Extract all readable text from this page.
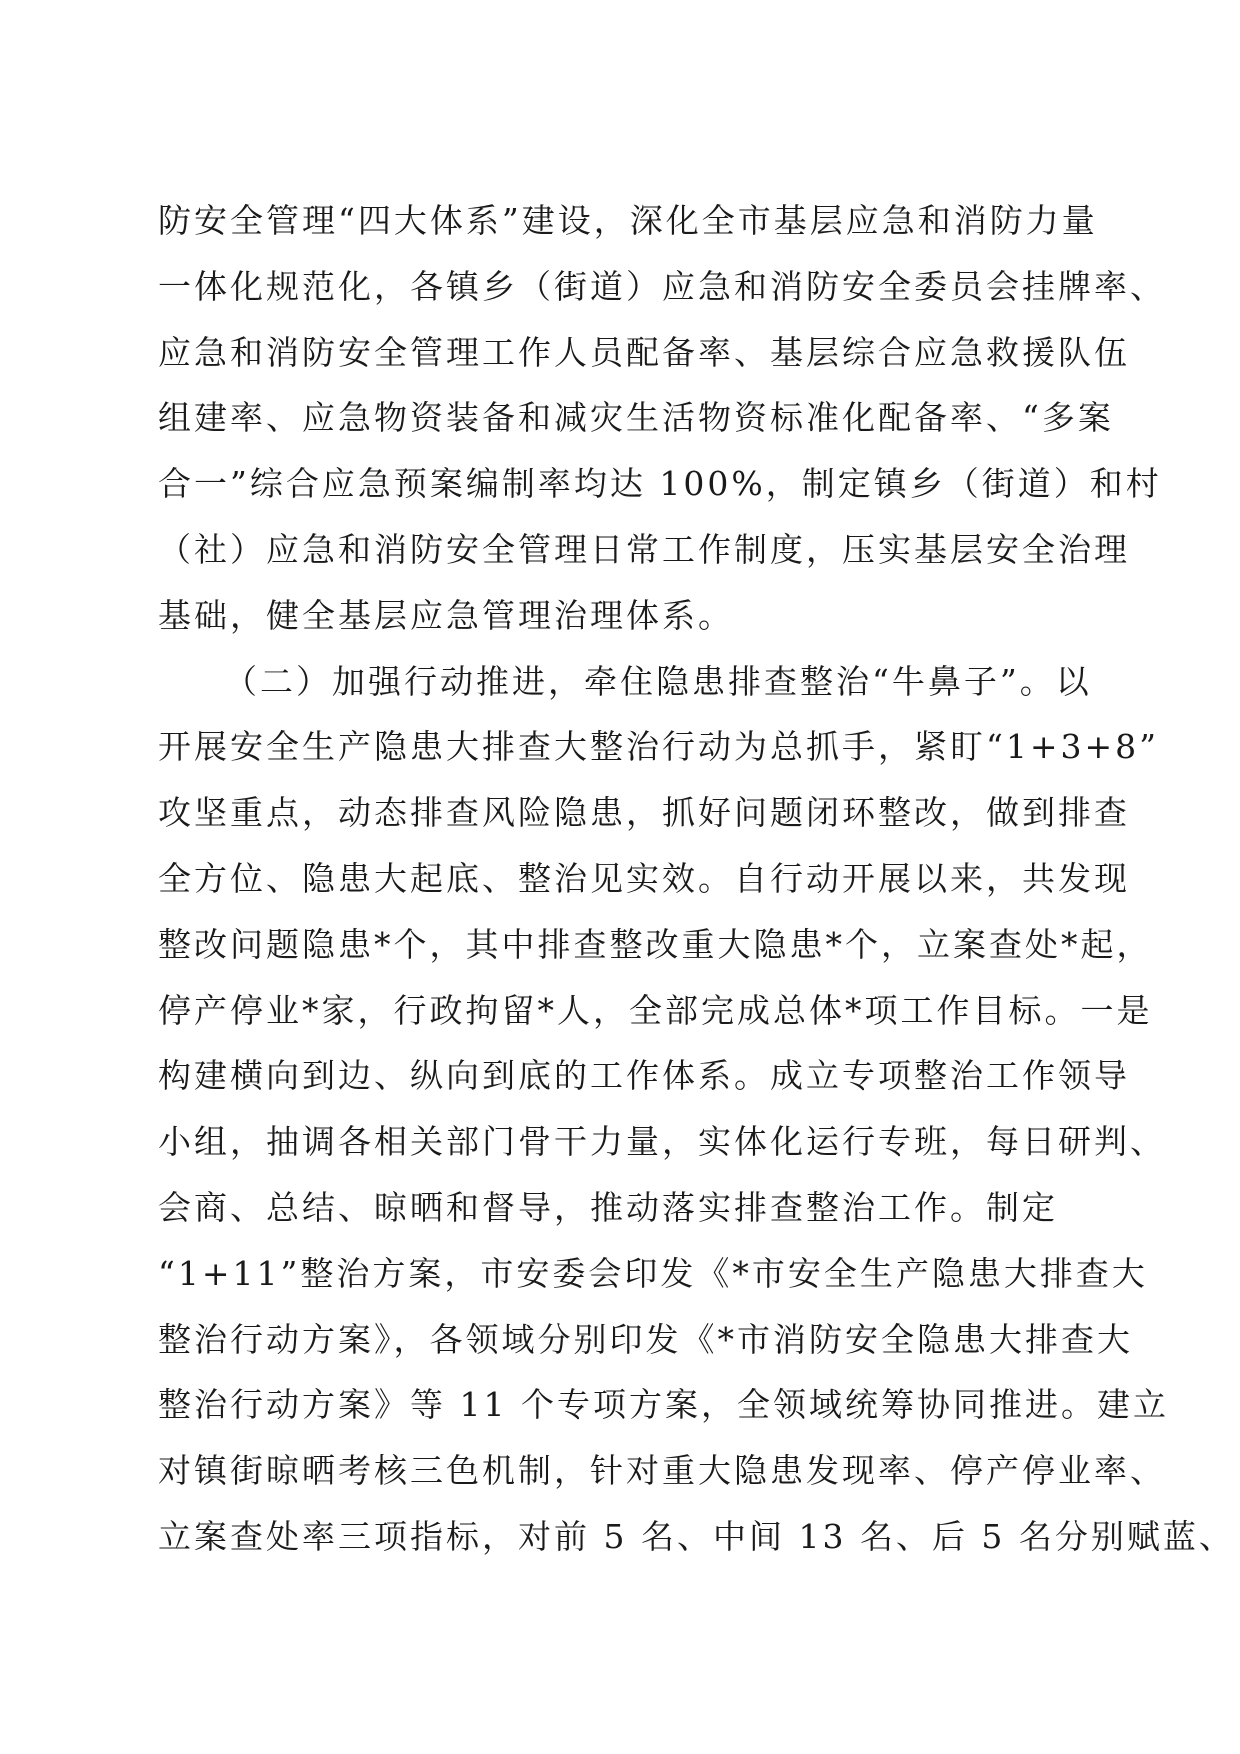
防安全管理“四大体系”建设，深化全市基层应急和消防力量
一体化规范化，各镇乡（街道）应急和消防安全委员会挂牌率、
应急和消防安全管理工作人员配备率、基层综合应急救援队伍
组建率、应急物资装备和减灾生活物资标准化配备率、“多案
合一”综合应急预案编制率均达 100%，制定镇乡（街道）和村
（社）应急和消防安全管理日常工作制度，压实基层安全治理
基础，健全基层应急管理治理体系。
（二）加强行动推进，牵住隐患排查整治“牛鼻子”。以
开展安全生产隐患大排查大整治行动为总抓手，紧盯“1+3+8”
攻坚重点，动态排查风险隐患，抓好问题闭环整改，做到排查
全方位、隐患大起底、整治见实效。自行动开展以来，共发现
整改问题隐患*个，其中排查整改重大隐患*个，立案查处*起，
停产停业*家，行政拘留*人，全部完成总体*项工作目标。一是
构建横向到边、纵向到底的工作体系。成立专项整治工作领导
小组，抽调各相关部门骨干力量，实体化运行专班，每日研判、
会商、总结、晾晒和督导，推动落实排查整治工作。制定
“1+11”整治方案，市安委会印发《*市安全生产隐患大排查大
整治行动方案》，各领域分别印发《*市消防安全隐患大排查大
整治行动方案》等 11 个专项方案，全领域统筹协同推进。建立
对镇街晾晒考核三色机制，针对重大隐患发现率、停产停业率、
立案查处率三项指标，对前 5 名、中间 13 名、后 5 名分别赋蓝、
